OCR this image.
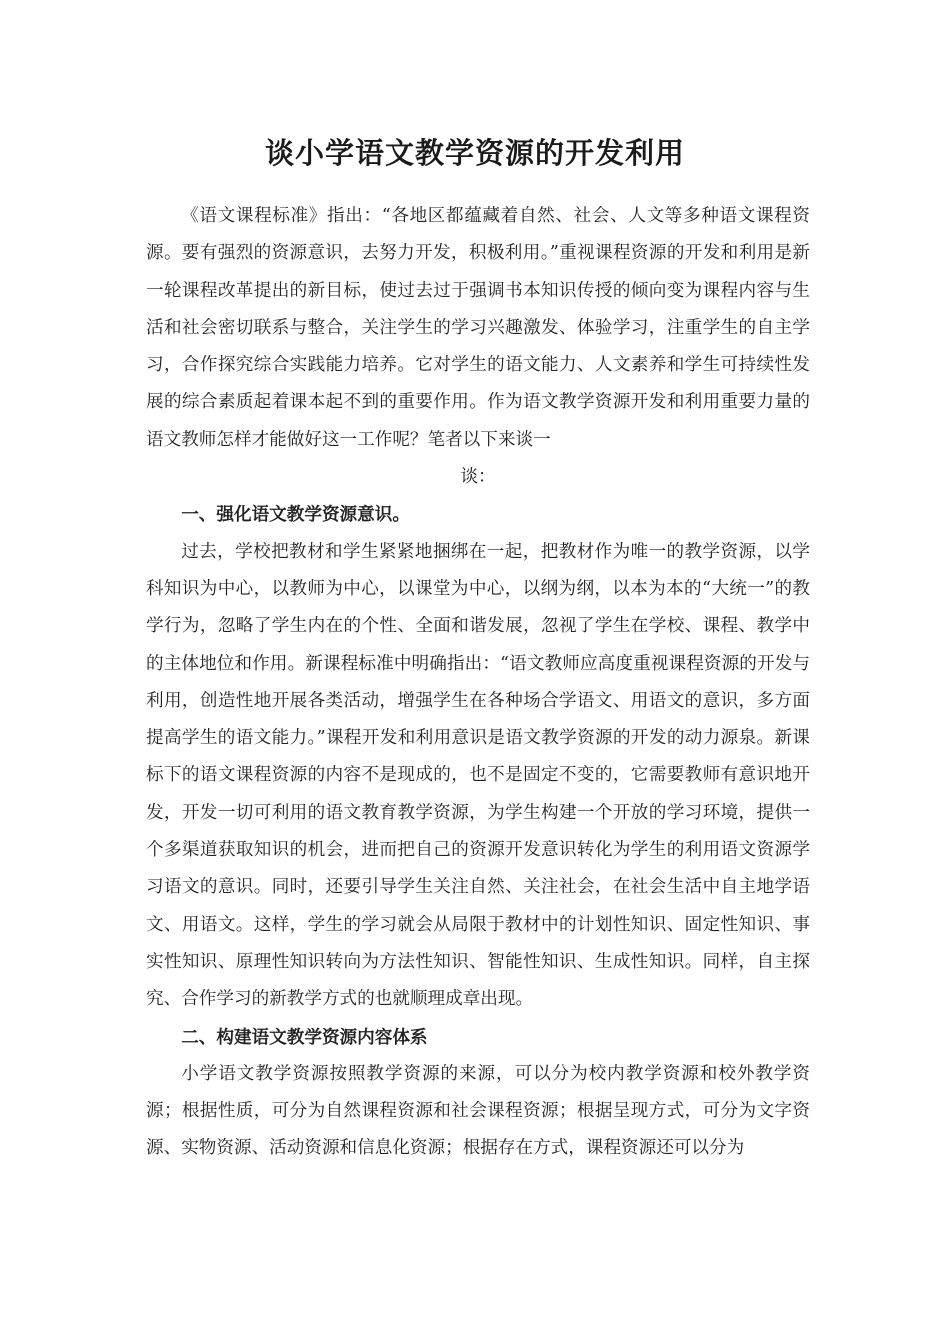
谈小学语文教学资源的开发利用

《语文课程标准》指出：“各地区都蕴藏着自然、社会、人文等多种语文课程资源。要有强烈的资源意识，去努力开发，积极利用。”重视课程资源的开发和利用是新一轮课程改革提出的新目标，使过去过于强调书本知识传授的倾向变为课程内容与生活和社会密切联系与整合，关注学生的学习兴趣激发、体验学习，注重学生的自主学习，合作探究综合实践能力培养。它对学生的语文能力、人文素养和学生可持续性发展的综合素质起着课本起不到的重要作用。作为语文教学资源开发和利用重要力量的语文教师怎样才能做好这一工作呢？笔者以下来谈一

谈：

一、强化语文教学资源意识。

过去，学校把教材和学生紧紧地捆绑在一起，把教材作为唯一的教学资源，以学科知识为中心，以教师为中心，以课堂为中心，以纲为纲，以本为本的“大统一”的教学行为，忽略了学生内在的个性、全面和谐发展，忽视了学生在学校、课程、教学中的主体地位和作用。新课程标准中明确指出：“语文教师应高度重视课程资源的开发与利用，创造性地开展各类活动，增强学生在各种场合学语文、用语文的意识，多方面提高学生的语文能力。”课程开发和利用意识是语文教学资源的开发的动力源泉。新课标下的语文课程资源的内容不是现成的，也不是固定不变的，它需要教师有意识地开发，开发一切可利用的语文教育教学资源，为学生构建一个开放的学习环境，提供一个多渠道获取知识的机会，进而把自己的资源开发意识转化为学生的利用语文资源学习语文的意识。同时，还要引导学生关注自然、关注社会，在社会生活中自主地学语文、用语文。这样，学生的学习就会从局限于教材中的计划性知识、固定性知识、事实性知识、原理性知识转向为方法性知识、智能性知识、生成性知识。同样，自主探究、合作学习的新教学方式的也就顺理成章出现。

二、构建语文教学资源内容体系

小学语文教学资源按照教学资源的来源，可以分为校内教学资源和校外教学资源；根据性质，可分为自然课程资源和社会课程资源；根据呈现方式，可分为文字资源、实物资源、活动资源和信息化资源；根据存在方式，课程资源还可以分为
